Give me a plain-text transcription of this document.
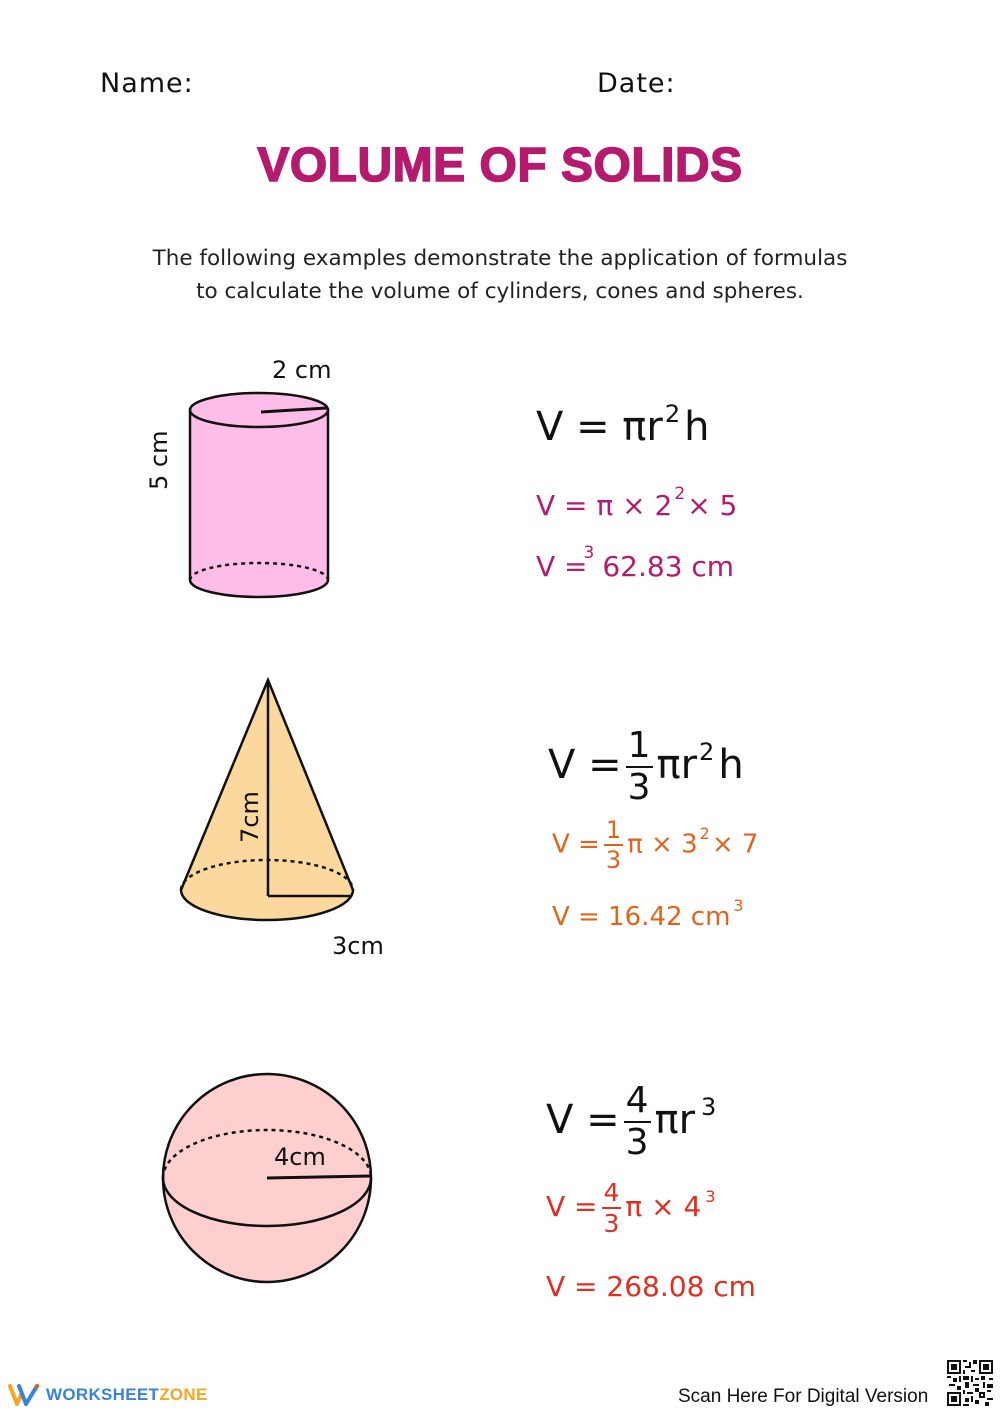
Name:	Date:
VOLUME OF SOLIDS
The following examples demonstrate the application of formulas
to calculate the volume of cylinders, cones and spheres.
2 cm
5 cm
$V = \pi r^2$ h
V = π × 2 $^2$× 5
V =$^3$ 62.83 cm
7cm
3cm
$V = \frac{1}{3} \pi r^2$ h
$V = \frac{1}{3}$ π × 3 $^2$× 7
V = 16.42 cm $^3$
4cm
$V = \frac{4}{3}$ πr $^3$
$V = \frac{4}{3}$ π × 4 $^3$
V = 268.08 cm
WORKSHEETZONE	Scan Here For Digital Version
